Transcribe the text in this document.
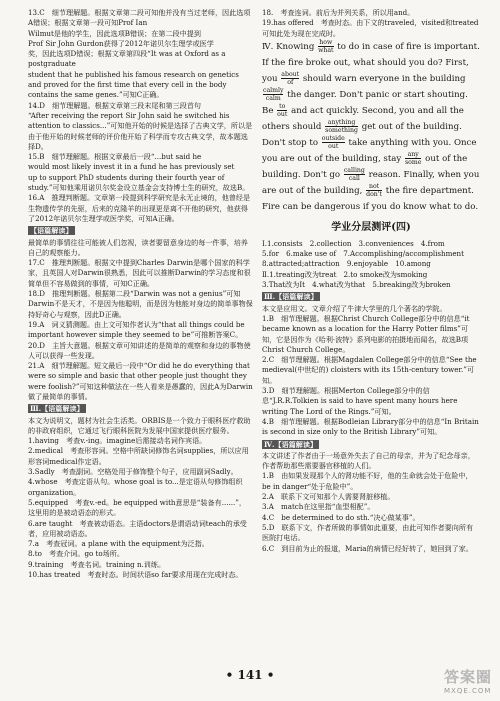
13.C　细节理解题。根据文章第二段可知他并没有当过老师，因此选项A错误；根据文章第一段可知Prof Ian

Wilmut是他的学生，因此选项B错误；在第二段中提到

Prof Sir John Gurdon获得了2012年诺贝尔生理学或医学

奖，因此选项D错误；根据文章第四段“It was at Oxford as a postgraduate

student that he published his famous research on genetics

and proved for the first time that every cell in the body

contains the same genes.”可知C正确。

14.D　细节理解题。根据文章第三段末尾和第三段首句

“After receiving the report Sir John said he switched his

attention to classics...”可知他开始的时候是选择了古典文学，所以是由于他开始的时候老师的评价他开始了科学而专攻古典文学，故本题选择D。

15.B　细节理解题。根据文章最后一段“...but said he

would most likely invest it in a fund he has previously set

up to support PhD students during their fourth year of

study.”可知他乘用诺贝尔奖金设立基金会支持博士生的研究，故选B。

16.A　推理判断题。文章第一段提到科学研究是永无止境的，他曾经是生物遗传学的先驱，后来的克隆羊的出现更是离不开他的研究，他获得了2012年诺贝尔生理学或医学奖，可知A正确。

【语篇解读】

最简单的事情往往可能被人们忽视，读者要留意身边的每一件事，培养自己的观察能力。

17.C　推理判断题。根据文中提到Charles Darwin是哪个国家的科学家，且英国人对Darwin很熟悉，因此可以推断Darwin的学习态度和很简单但不容易做到的事情，可知C正确。

18.D　推理判断题。根据第二段“Darwin was not a genius”可知Darwin不是天才，不是因为他聪明，而是因为他能对身边的简单事物保持好奇心与观察，因此D正确。

19.A　词义猜测题。由上文可知作者认为“that all things could be important however simple they seemed to be”可推断答案C。

20.D　主旨大意题。根据文章可知讲述的是简单的观察和身边的事物使人可以获得一些发现。

21.A　细节理解题。短文最后一段中“Or did he do everything that were so simple and basic that other people just thought they were foolish?”可知这种做法在一些人看来是愚蠢的，因此A为Darwin做了最简单的事情。

Ⅲ.【语篇解读】

本文为说明文，题材为社会生活类。ORBIS是一个致力于眼科医疗救助的非政府组织，它通过飞行眼科医院为发展中国家提供医疗服务。

1.having　考查v.-ing。imagine后需接动名词作宾语。

2.medical　考查形容词。空格中所缺词修饰名词supplies，所以应用形容词medical作定语。

3.Sadly　考查副词。空格处用于修饰整个句子，应用副词Sadly。

4.whose　考查定语从句。whose goal is to...是定语从句修饰组织organization。

5.equipped　考查v.-ed。be equipped with意思是“装备有......”，这里用的是被动语态的形式。

6.are taught　考查被动语态。主语doctors是谓语动词teach的承受者，应用被动语态。

7.a　考查冠词。a plane with the equipment为泛指。

8.to　考查介词。go to场所。

9.training　考查名词。training n.训练。

10.has treated　考查时态。时间状语so far要求用现在完成时态。

18.　考查连词。前后为并列关系，所以用and。

19.has offered　考查时态。由下文的traveled，visited和treated可知此处为现在完成时。

Ⅳ. Knowing $\frac{\text{how}}{\text{what}}$ to do in case of fire is important. If the fire broke out, what should you do? First, you $\frac{\text{about}}{of}$ should warn everyone in the building
$\frac{\text{calmly}}{\text{calm}}$ the danger. Don't panic or start shouting. Be $\frac{to}{\text{out}}$ and act quickly. Second, you and all the others should $\frac{\text{anything}}{\text{something}}$ get out of the building. Don't stop to $\frac{\text{outside}}{\text{out}}$ take anything with you. Once you are out of the building, stay $\frac{\text{any}}{\text{some}}$ out of the building. Don't go $\frac{\text{calling}}{\text{call}}$ reason. Finally, when you are out of the building, $\frac{\text{not}}{\text{don't}}$ the fire department. Fire can be dangerous if you do know what to do.

学业分层测评(四)

Ⅰ.1.consists　2.collection　3.conveniences　4.from

5.for　6.make use of　7.Accomplishing/accomplishment　8.attracted;attraction　9.enjoyable　10.among

Ⅱ.1.treating改为treat　2.to smoke改为smoking

3.That改为It　4.what改为that　5.breaking改为broken

Ⅲ.【语篇解读】

本文是应用文。文章介绍了牛津大学里的几个著名的学院。

1.B　细节理解题。根据Christ Church College部分中的信息“it became known as a location for the Harry Potter films”可知，它是因作为《哈利·波特》系列电影的拍摄地而闻名，故选B项Christ Church College。

2.C　细节理解题。根据Magdalen College部分中的信息“See the medieval(中世纪的) cloisters with its 15th-century tower.”可知。

3.D　细节理解题。根据Merton College部分中的信息“J.R.R.Tolkien is said to have spent many hours here writing The Lord of the Rings.”可知。

4.B　细节理解题。根据Bodleian Library部分中的信息“In Britain is second in size only to the British Library”可知。

Ⅳ.【语篇解读】

本文讲述了作者由于一场意外失去了自己的母亲，并为了纪念母亲，作者帮助那些需要器官移植的人们。

1.B　由如果发现那个人的肾功能不好，他的生命就会处于危险中，be in danger“处于危险中”。

2.A　联系下文可知那个人需要肾脏移植。

3.A　match在这里指“血型相配”。

4.C　be determined to do sth.“决心做某事”。

5.D　联系下文，作者所做的事情如此重要，由此可知作者要向所有医院打电话。

6.C　到目前为止的报道，Maria的病情已经好转了，她回到了家。

• 141 •	答案圈
MXQE.COM
